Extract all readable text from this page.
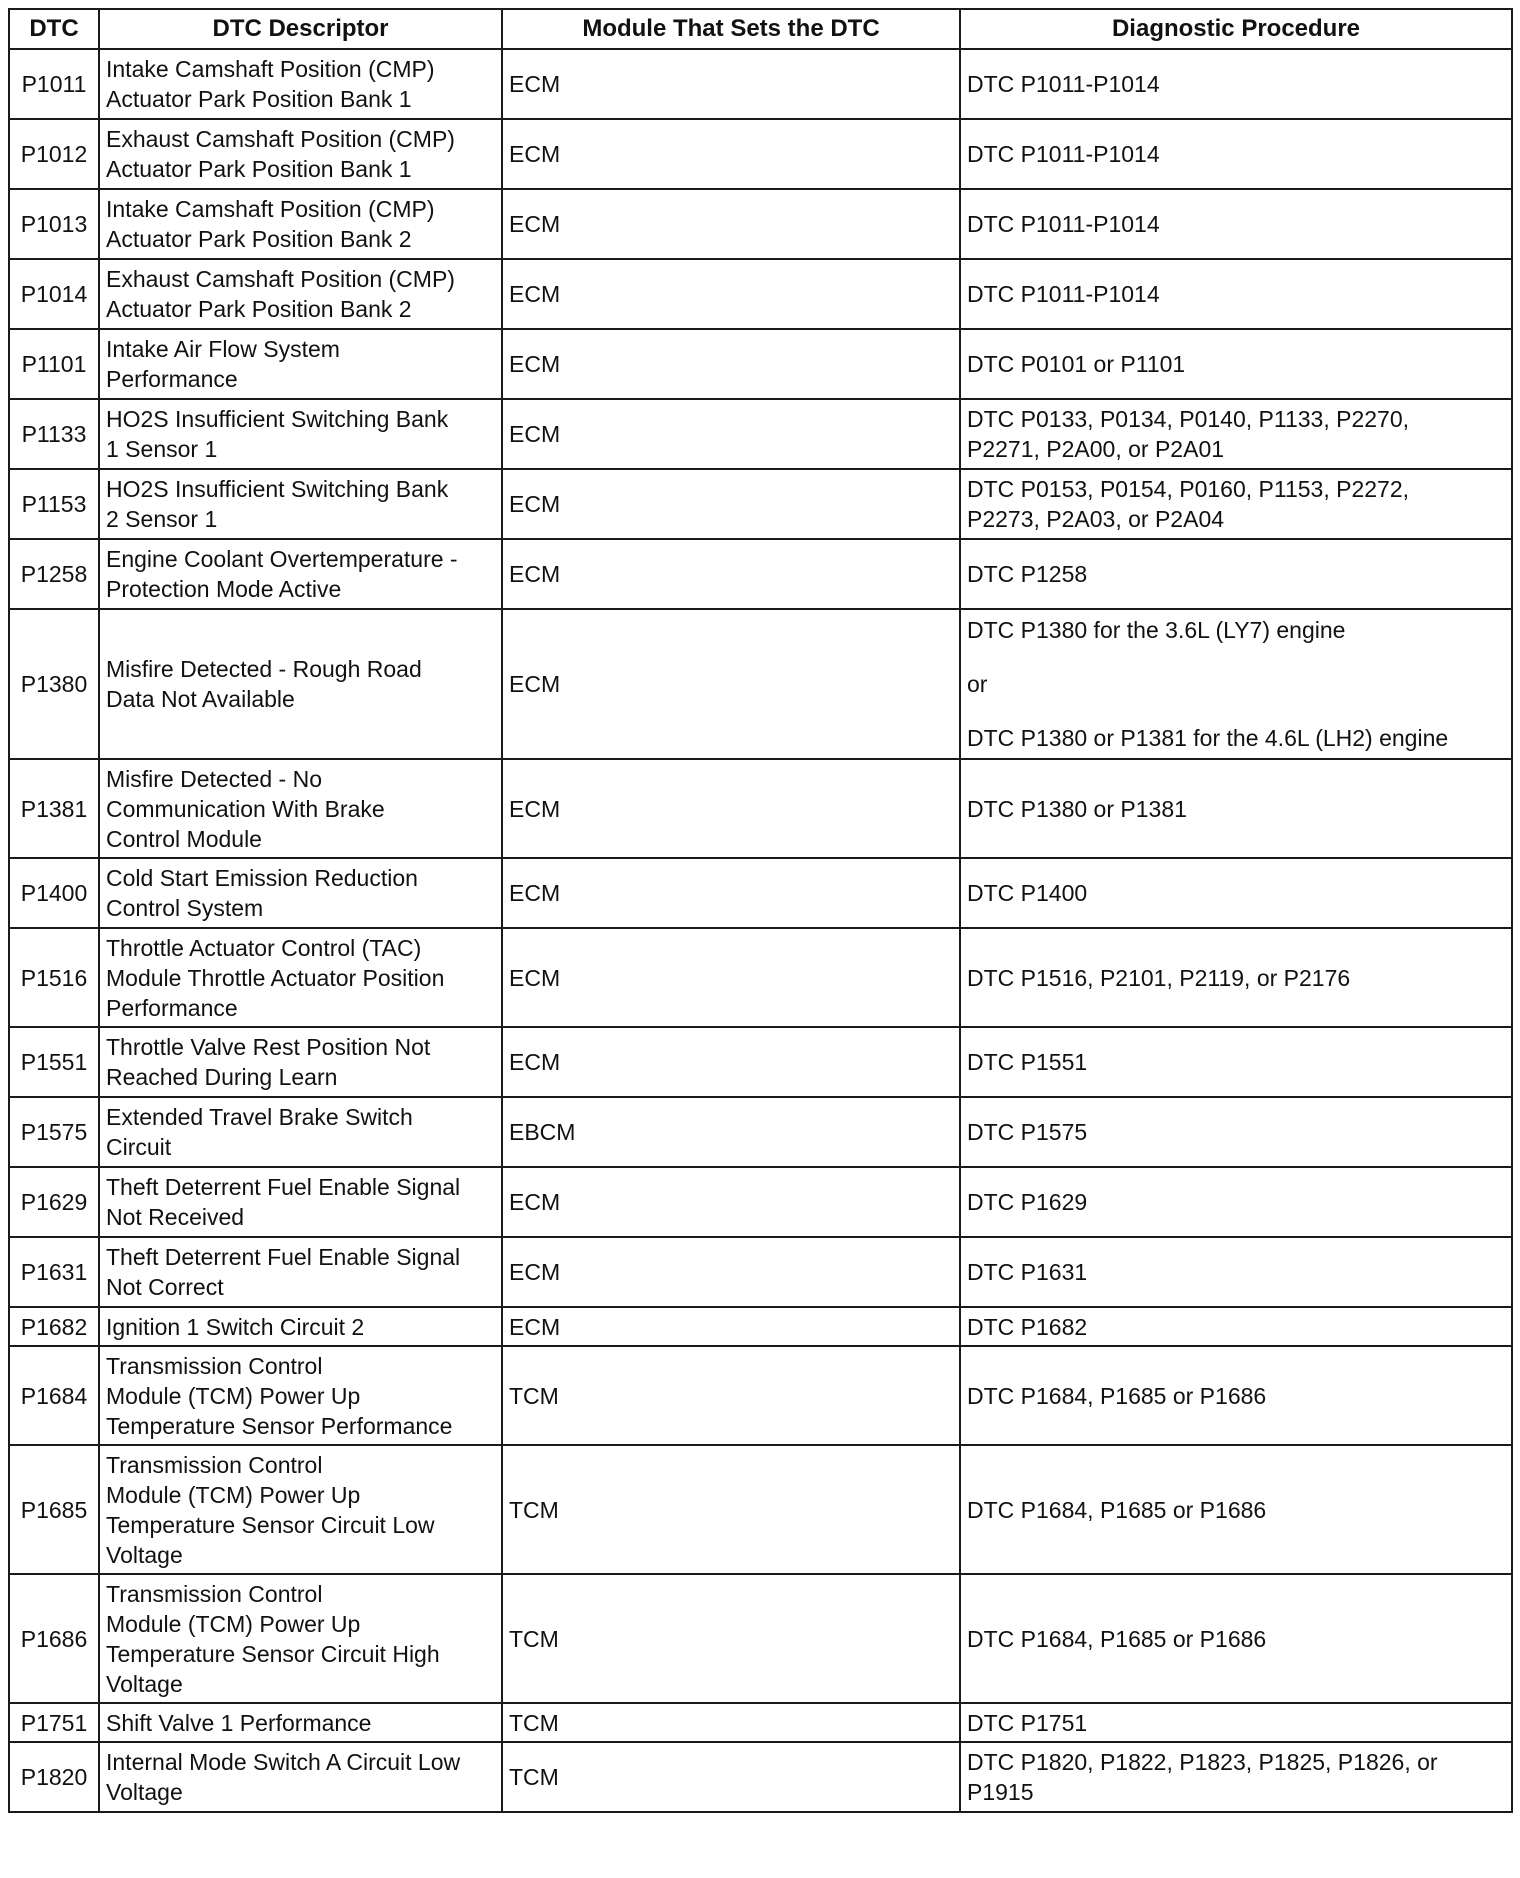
DTC	DTC Descriptor	Module That Sets the DTC	Diagnostic Procedure
P1011	Intake Camshaft Position (CMP)
Actuator Park Position Bank 1	ECM	DTC P1011-P1014
P1012	Exhaust Camshaft Position (CMP)
Actuator Park Position Bank 1	ECM	DTC P1011-P1014
P1013	Intake Camshaft Position (CMP)
Actuator Park Position Bank 2	ECM	DTC P1011-P1014
P1014	Exhaust Camshaft Position (CMP)
Actuator Park Position Bank 2	ECM	DTC P1011-P1014
P1101	Intake Air Flow System
Performance	ECM	DTC P0101 or P1101
P1133	HO2S Insufficient Switching Bank
1 Sensor 1	ECM	DTC P0133, P0134, P0140, P1133, P2270,
P2271, P2A00, or P2A01
P1153	HO2S Insufficient Switching Bank
2 Sensor 1	ECM	DTC P0153, P0154, P0160, P1153, P2272,
P2273, P2A03, or P2A04
P1258	Engine Coolant Overtemperature -
Protection Mode Active	ECM	DTC P1258
P1380	Misfire Detected - Rough Road
Data Not Available	ECM	DTC P1380 for the 3.6L (LY7) engine
or
DTC P1380 or P1381 for the 4.6L (LH2) engine

P1381	Misfire Detected - No
Communication With Brake
Control Module	ECM	DTC P1380 or P1381
P1400	Cold Start Emission Reduction
Control System	ECM	DTC P1400
P1516	Throttle Actuator Control (TAC)
Module Throttle Actuator Position
Performance	ECM	DTC P1516, P2101, P2119, or P2176
P1551	Throttle Valve Rest Position Not
Reached During Learn	ECM	DTC P1551
P1575	Extended Travel Brake Switch
Circuit	EBCM	DTC P1575
P1629	Theft Deterrent Fuel Enable Signal
Not Received	ECM	DTC P1629
P1631	Theft Deterrent Fuel Enable Signal
Not Correct	ECM	DTC P1631
P1682	Ignition 1 Switch Circuit 2	ECM	DTC P1682
P1684	Transmission Control
Module (TCM) Power Up
Temperature Sensor Performance	TCM	DTC P1684, P1685 or P1686
P1685	Transmission Control
Module (TCM) Power Up
Temperature Sensor Circuit Low
Voltage	TCM	DTC P1684, P1685 or P1686
P1686	Transmission Control
Module (TCM) Power Up
Temperature Sensor Circuit High
Voltage	TCM	DTC P1684, P1685 or P1686
P1751	Shift Valve 1 Performance	TCM	DTC P1751
P1820	Internal Mode Switch A Circuit Low
Voltage	TCM	DTC P1820, P1822, P1823, P1825, P1826, or
P1915
